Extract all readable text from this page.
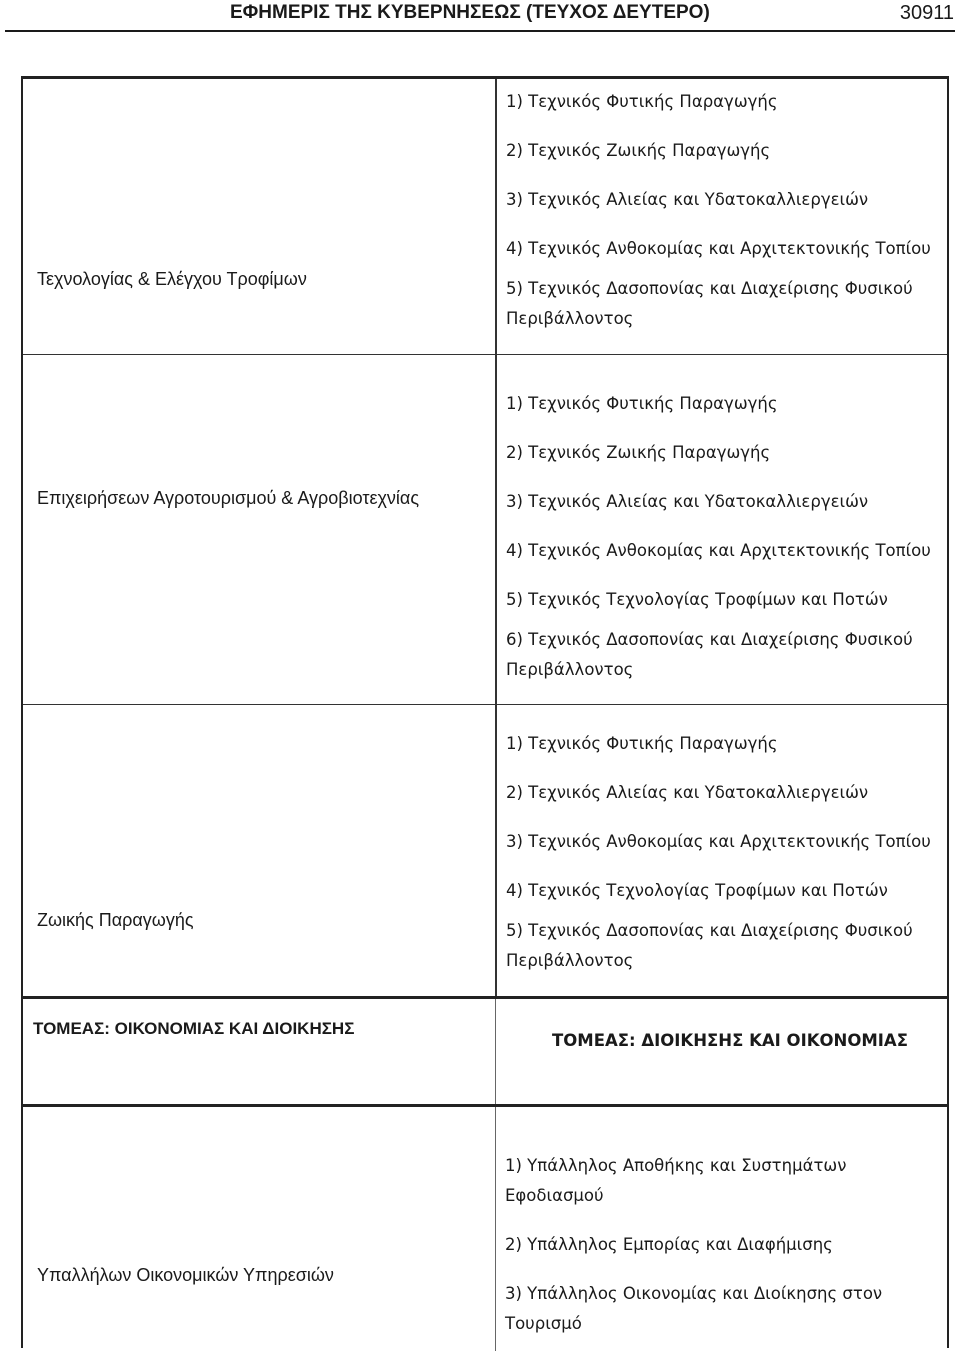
ΕΦΗΜΕΡΙΣ ΤΗΣ ΚΥΒΕΡΝΗΣΕΩΣ (ΤΕΥΧΟΣ ΔΕΥΤΕΡΟ)	30911
Τεχνολογίας & Ελέγχου Τροφίμων

1) Τεχνικός Φυτικής Παραγωγής

2) Τεχνικός Ζωικής Παραγωγής

3) Τεχνικός Αλιείας και Υδατοκαλλιεργειών

4) Τεχνικός Ανθοκομίας και Αρχιτεκτονικής Τοπίου

5) Τεχνικός Δασοπονίας και Διαχείρισης Φυσικού

Περιβάλλοντος

Επιχειρήσεων Αγροτουρισμού & Αγροβιοτεχνίας

1) Τεχνικός Φυτικής Παραγωγής

2) Τεχνικός Ζωικής Παραγωγής

3) Τεχνικός Αλιείας και Υδατοκαλλιεργειών

4) Τεχνικός Ανθοκομίας και Αρχιτεκτονικής Τοπίου

5) Τεχνικός Τεχνολογίας Τροφίμων και Ποτών

6) Τεχνικός Δασοπονίας και Διαχείρισης Φυσικού

Περιβάλλοντος

Ζωικής Παραγωγής

1) Τεχνικός Φυτικής Παραγωγής

2) Τεχνικός Αλιείας και Υδατοκαλλιεργειών

3) Τεχνικός Ανθοκομίας και Αρχιτεκτονικής Τοπίου

4) Τεχνικός Τεχνολογίας Τροφίμων και Ποτών

5) Τεχνικός Δασοπονίας και Διαχείρισης Φυσικού

Περιβάλλοντος

ΤΟΜΕΑΣ: ΟΙΚΟΝΟΜΙΑΣ ΚΑΙ ΔΙΟΙΚΗΣΗΣ
ΤΟΜΕΑΣ: ΔΙΟΙΚΗΣΗΣ ΚΑΙ ΟΙΚΟΝΟΜΙΑΣ
Υπαλλήλων Οικονομικών Υπηρεσιών

1) Υπάλληλος Αποθήκης και Συστημάτων

Εφοδιασμού

2) Υπάλληλος Εμπορίας και Διαφήμισης

3) Υπάλληλος Οικονομίας και Διοίκησης στον

Τουρισμό
